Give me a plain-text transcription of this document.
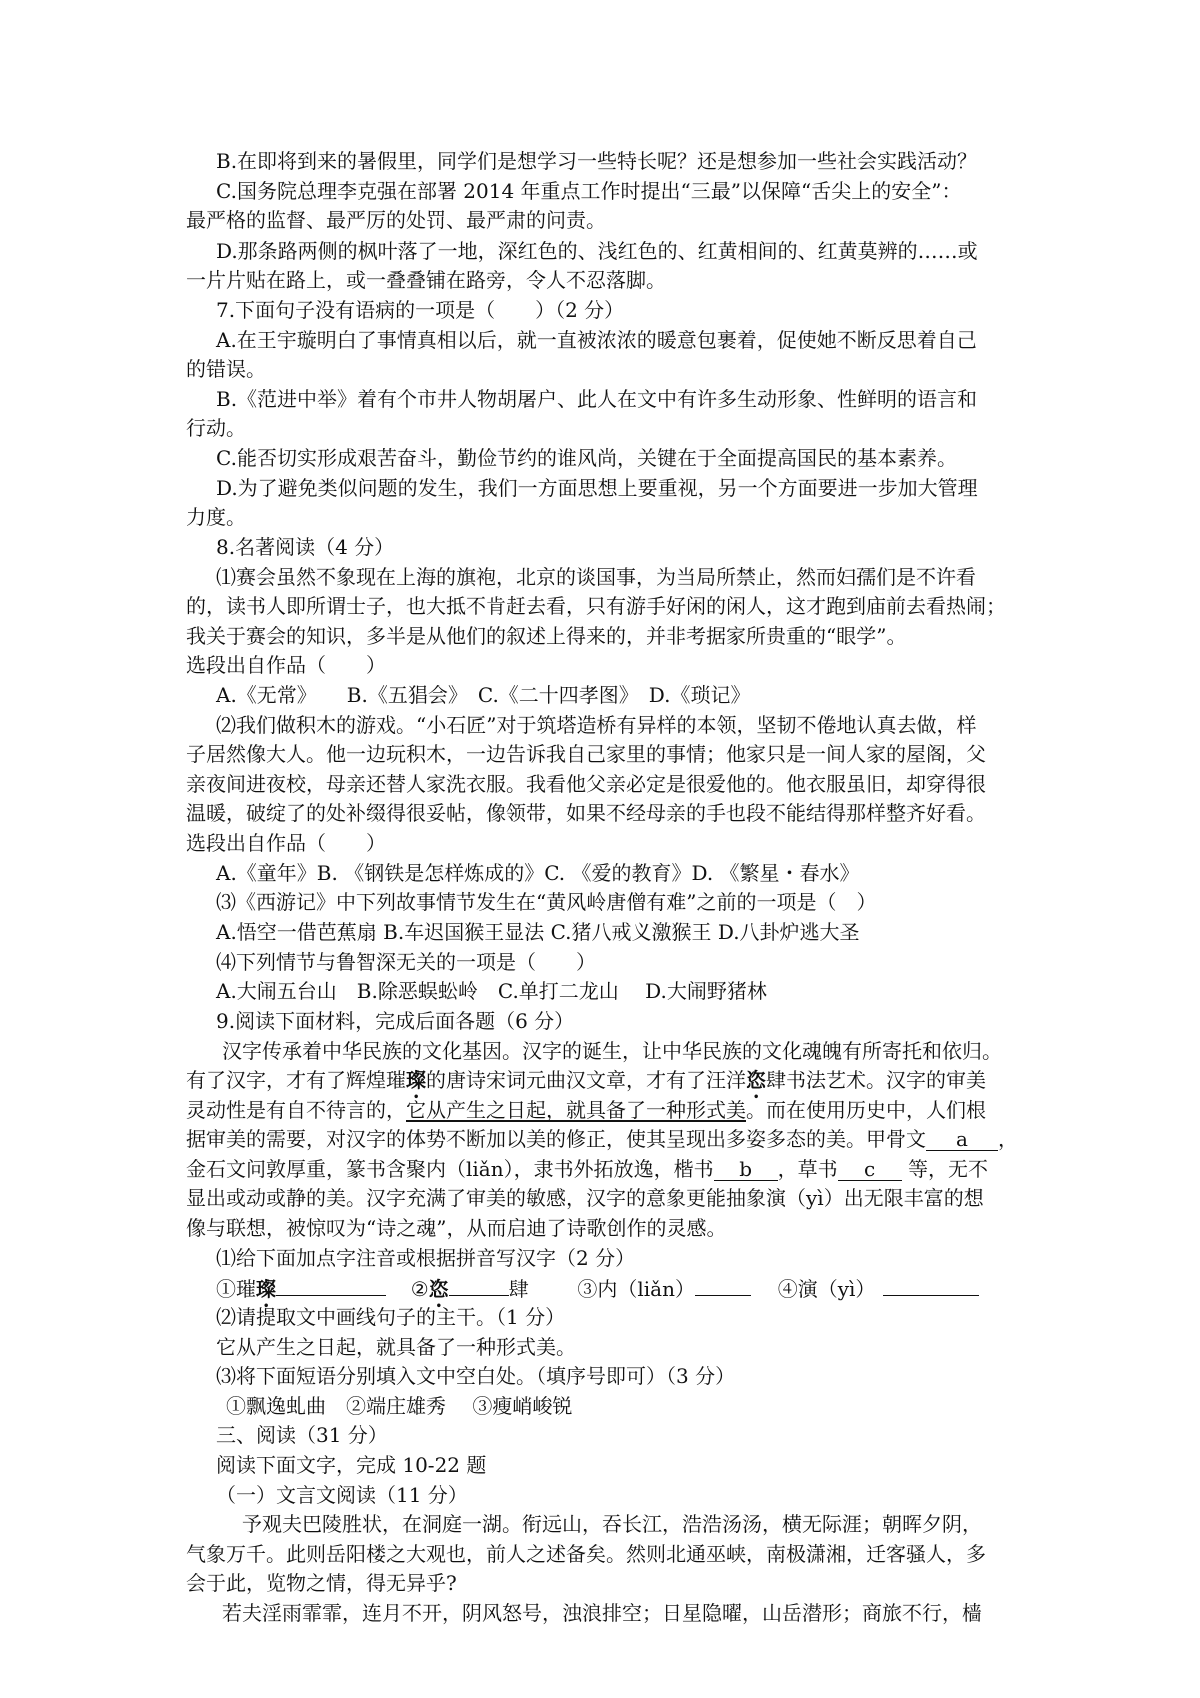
B.在即将到来的暑假里，同学们是想学习一些特长呢？还是想参加一些社会实践活动？
C.国务院总理李克强在部署 2014 年重点工作时提出“三最”以保障“舌尖上的安全”：
最严格的监督、最严厉的处罚、最严肃的问责。
D.那条路两侧的枫叶落了一地，深红色的、浅红色的、红黄相间的、红黄莫辨的……或
一片片贴在路上，或一叠叠铺在路旁，令人不忍落脚。
7.下面句子没有语病的一项是（　　）（2 分）
A.在王宇璇明白了事情真相以后，就一直被浓浓的暖意包裹着，促使她不断反思着自己
的错误。
B.《范进中举》着有个市井人物胡屠户、此人在文中有许多生动形象、性鲜明的语言和
行动。
C.能否切实形成艰苦奋斗，勤俭节约的谁风尚，关键在于全面提高国民的基本素养。
D.为了避免类似问题的发生，我们一方面思想上要重视，另一个方面要进一步加大管理
力度。
8.名著阅读（4 分）
⑴赛会虽然不象现在上海的旗袍，北京的谈国事，为当局所禁止，然而妇孺们是不许看
的，读书人即所谓士子，也大抵不肯赶去看，只有游手好闲的闲人，这才跑到庙前去看热闹；
我关于赛会的知识，多半是从他们的叙述上得来的，并非考据家所贵重的“眼学”。
选段出自作品（　　）
A.《无常》　　B.《五猖会》　C.《二十四孝图》　D.《琐记》
⑵我们做积木的游戏。“小石匠”对于筑塔造桥有异样的本领，坚韧不倦地认真去做，样
子居然像大人。他一边玩积木，一边告诉我自己家里的事情；他家只是一间人家的屋阁，父
亲夜间进夜校，母亲还替人家洗衣服。我看他父亲必定是很爱他的。他衣服虽旧，却穿得很
温暖，破绽了的处补缀得很妥帖，像领带，如果不经母亲的手也段不能结得那样整齐好看。
选段出自作品（　　）
A.《童年》B. 《钢铁是怎样炼成的》C. 《爱的教育》D. 《繁星・春水》
⑶《西游记》中下列故事情节发生在“黄风岭唐僧有难”之前的一项是（　）
A.悟空一借芭蕉扇 B.车迟国猴王显法 C.猪八戒义激猴王 D.八卦炉逃大圣
⑷下列情节与鲁智深无关的一项是（　　）
A.大闹五台山　B.除恶蜈蚣岭　C.单打二龙山　 D.大闹野猪林
9.阅读下面材料，完成后面各题（6 分）
汉字传承着中华民族的文化基因。汉字的诞生，让中华民族的文化魂魄有所寄托和依归。
有了汉字，才有了辉煌璀璨的唐诗宋词元曲汉文章，才有了汪洋恣肆书法艺术。汉字的审美
灵动性是有自不待言的，它从产生之日起，就具备了一种形式美。而在使用历史中，人们根
据审美的需要，对汉字的体势不断加以美的修正，使其呈现出多姿多态的美。甲骨文 a ，
金石文问敦厚重，篆书含聚内（liǎn），隶书外拓放逸，楷书 b ，草书 c 等，无不
显出或动或静的美。汉字充满了审美的敏感，汉字的意象更能抽象演（yì）出无限丰富的想
像与联想，被惊叹为“诗之魂”，从而启迪了诗歌创作的灵感。
⑴给下面加点字注音或根据拼音写汉字（2 分）
①璀璨	②恣	肆 ③内（liǎn）	④演（yì）
⑵请提取文中画线句子的主干。（1 分）
它从产生之日起，就具备了一种形式美。
⑶将下面短语分别填入文中空白处。（填序号即可）（3 分）
①飘逸虬曲　②端庄雄秀　 ③瘦峭峻锐
三、阅读（31 分）
阅读下面文字，完成 10-22 题
（一）文言文阅读（11 分）
予观夫巴陵胜状，在洞庭一湖。衔远山，吞长江，浩浩汤汤，横无际涯；朝晖夕阴，
气象万千。此则岳阳楼之大观也，前人之述备矣。然则北通巫峡，南极潇湘，迁客骚人，多
会于此，览物之情，得无异乎?
若夫淫雨霏霏，连月不开，阴风怒号，浊浪排空；日星隐曜，山岳潜形；商旅不行，樯
